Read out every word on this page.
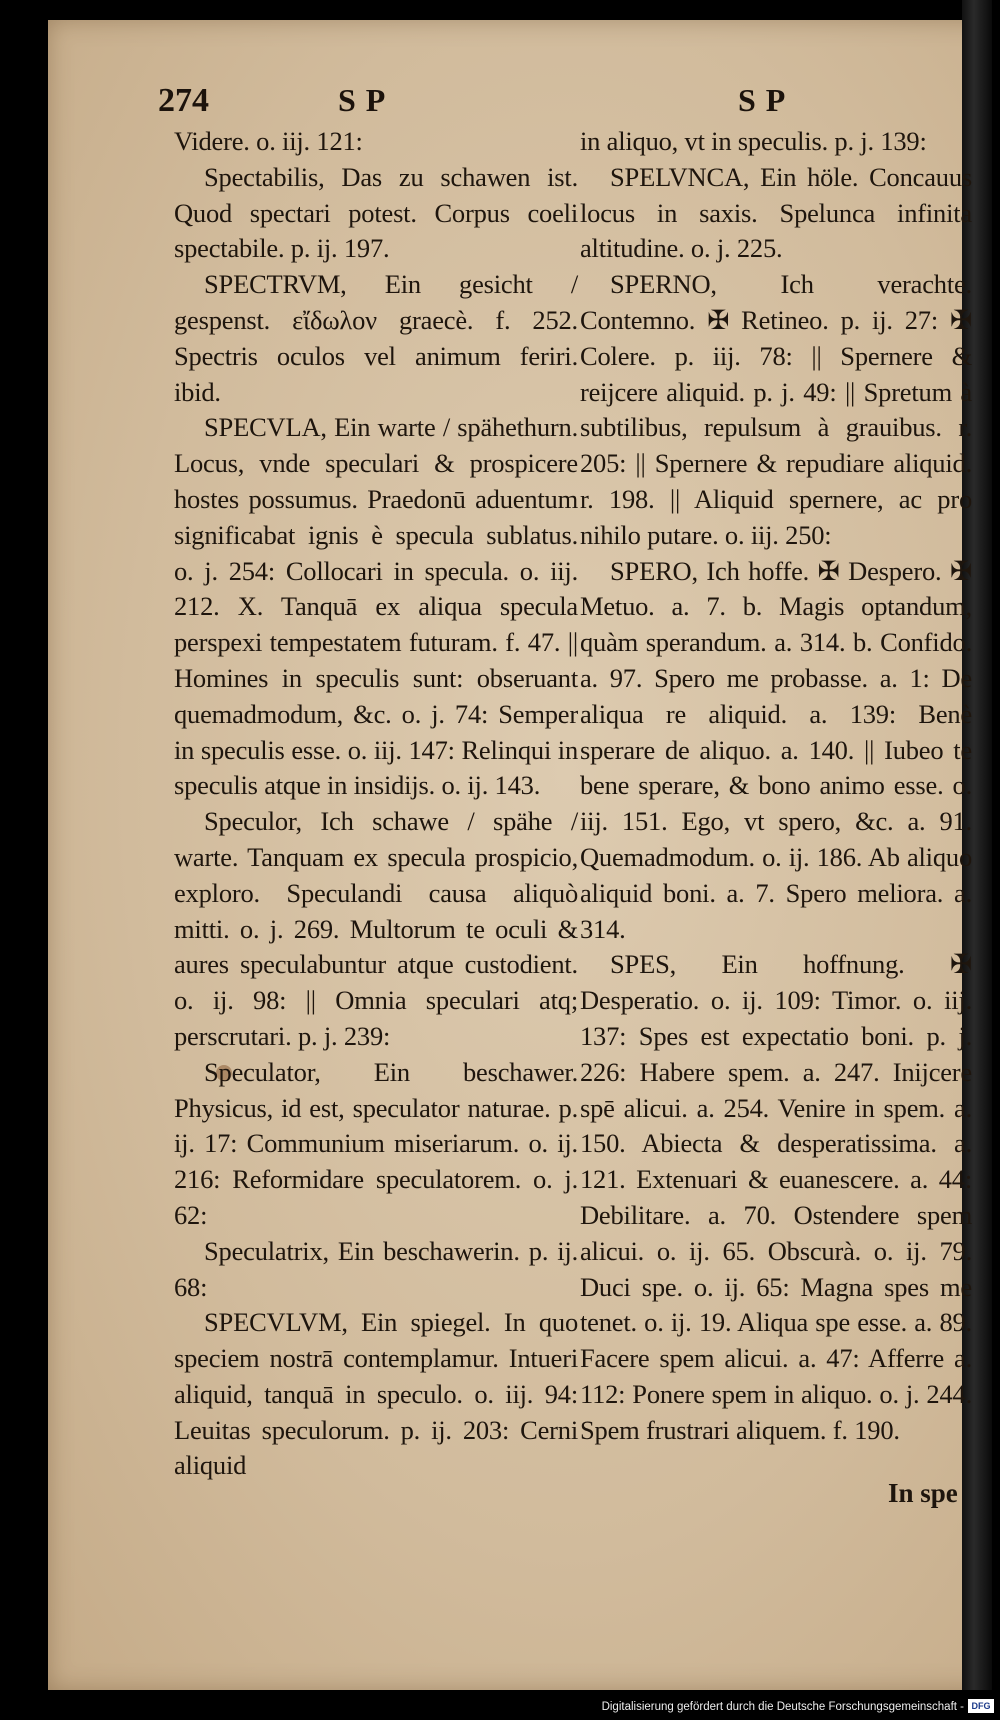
274	SP	SP

Videre. o. iij. 121:

Spectabilis, Das zu schawen ist. Quod spectari potest. Corpus coeli spectabile. p. ij. 197.

SPECTRVM, Ein gesicht / gespenst. εἴδωλον graecè. f. 252. Spectris oculos vel animum feriri. ibid.

SPECVLA, Ein warte / spähethurn. Locus, vnde speculari & prospicere hostes possumus. Praedonū aduentum significabat ignis è specula sublatus. o. j. 254: Collocari in specula. o. iij. 212. X. Tanquā ex aliqua specula perspexi tempestatem futuram. f. 47. || Homines in speculis sunt: obseruant quemadmodum, &c. o. j. 74: Semper in speculis esse. o. iij. 147: Relinqui in speculis atque in insidijs. o. ij. 143.

Speculor, Ich schawe / spähe / warte. Tanquam ex specula prospicio, exploro. Speculandi causa aliquò mitti. o. j. 269. Multorum te oculi & aures speculabuntur atque custodient. o. ij. 98: || Omnia speculari atq; perscrutari. p. j. 239:

Speculator, Ein beschawer. Physicus, id est, speculator naturae. p. ij. 17: Communium miseriarum. o. ij. 216: Reformidare speculatorem. o. j. 62:

Speculatrix, Ein beschawerin. p. ij. 68:

SPECVLVM, Ein spiegel. In quo speciem nostrā contemplamur. Intueri aliquid, tanquā in speculo. o. iij. 94: Leuitas speculorum. p. ij. 203: Cerni aliquid

in aliquo, vt in speculis. p. j. 139:

SPELVNCA, Ein höle. Concauus locus in saxis. Spelunca infinita altitudine. o. j. 225.

SPERNO, Ich verachte. Contemno. ✠ Retineo. p. ij. 27: ✠ Colere. p. iij. 78: || Spernere & reijcere aliquid. p. j. 49: || Spretum à subtilibus, repulsum à grauibus. r. 205: || Spernere & repudiare aliquid. r. 198. || Aliquid spernere, ac pro nihilo putare. o. iij. 250:

SPERO, Ich hoffe. ✠ Despero. ✠ Metuo. a. 7. b. Magis optandum, quàm sperandum. a. 314. b. Confido. a. 97. Spero me probasse. a. 1: De aliqua re aliquid. a. 139: Benè sperare de aliquo. a. 140. || Iubeo te bene sperare, & bono animo esse. o. iij. 151. Ego, vt spero, &c. a. 91. Quemadmodum. o. ij. 186. Ab aliquo aliquid boni. a. 7. Spero meliora. a. 314.

SPES, Ein hoffnung. ✠ Desperatio. o. ij. 109: Timor. o. iij. 137: Spes est expectatio boni. p. j. 226: Habere spem. a. 247. Inijcere spē alicui. a. 254. Venire in spem. a. 150. Abiecta & desperatissima. a. 121. Extenuari & euanescere. a. 44: Debilitare. a. 70. Ostendere spem alicui. o. ij. 65. Obscurà. o. ij. 79. Duci spe. o. ij. 65: Magna spes me tenet. o. ij. 19. Aliqua spe esse. a. 89. Facere spem alicui. a. 47: Afferre a. 112: Ponere spem in aliquo. o. j. 244. Spem frustrari aliquem. f. 190.

In spe
Digitalisierung gefördert durch die Deutsche Forschungsgemeinschaft - DFG
